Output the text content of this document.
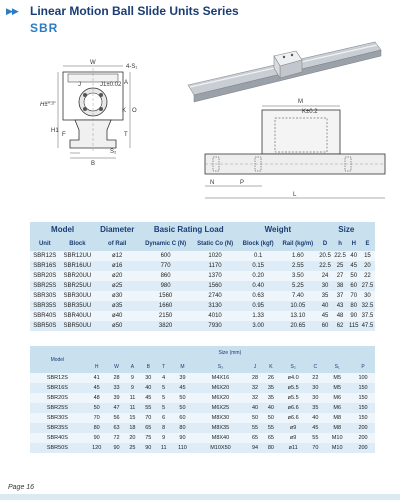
▶▶ Linear Motion Ball Slide Units Series
SBR
W
J1±0.02
J
4-S₁
A
H±°·²
H1
K O
F	T
S₂
B
M
K±0.2
N	P
L
Model		Diameter	Basic Rating Load		Weight		Size			
Unit	Block	of Rail	Dynamic C (N)	Static Co (N)	Block (kgf)	Rail (kg/m)	D	h	H	E
SBR12S	SBR12UU	ø12	600	1020	0.1	1.60	20.5	22.5	40	15
SBR16S	SBR16UU	ø16	770	1170	0.15	2.55	22.5	25	45	20
SBR20S	SBR20UU	ø20	860	1370	0.20	3.50	24	27	50	22
SBR25S	SBR25UU	ø25	980	1560	0.40	5.25	30	38	60	27.5
SBR30S	SBR30UU	ø30	1560	2740	0.63	7.40	35	37	70	30
SBR35S	SBR35UU	ø35	1660	3130	0.95	10.05	40	43	80	32.5
SBR40S	SBR40UU	ø40	2150	4010	1.33	13.10	45	48	90	37.5
SBR50S	SBR50UU	ø50	3820	7930	3.00	20.65	60	62	115	47.5
Model	Size (mm)												
	H	W	A	B	T	M	S₃	J	K	S₂	C	S₁	P
SBR12S	41	28	9	30	4	39	M4X16	28	26	ø4.0	22	M5	100
SBR16S	45	33	9	40	5	45	M6X20	32	35	ø5.5	30	M5	150
SBR20S	48	39	11	45	5	50	M6X20	32	35	ø5.5	30	M6	150
SBR25S	50	47	11	55	5	50	M6X25	40	40	ø6.6	35	M6	150
SBR30S	70	56	15	70	6	60	M8X30	50	50	ø6.6	40	M8	150
SBR35S	80	63	18	65	8	80	M8X35	55	55	ø9	45	M8	200
SBR40S	90	72	20	75	9	90	M8X40	65	65	ø9	55	M10	200
SBR50S	120	90	25	90	11	110	M10X50	94	80	ø11	70	M10	200
Page 16
